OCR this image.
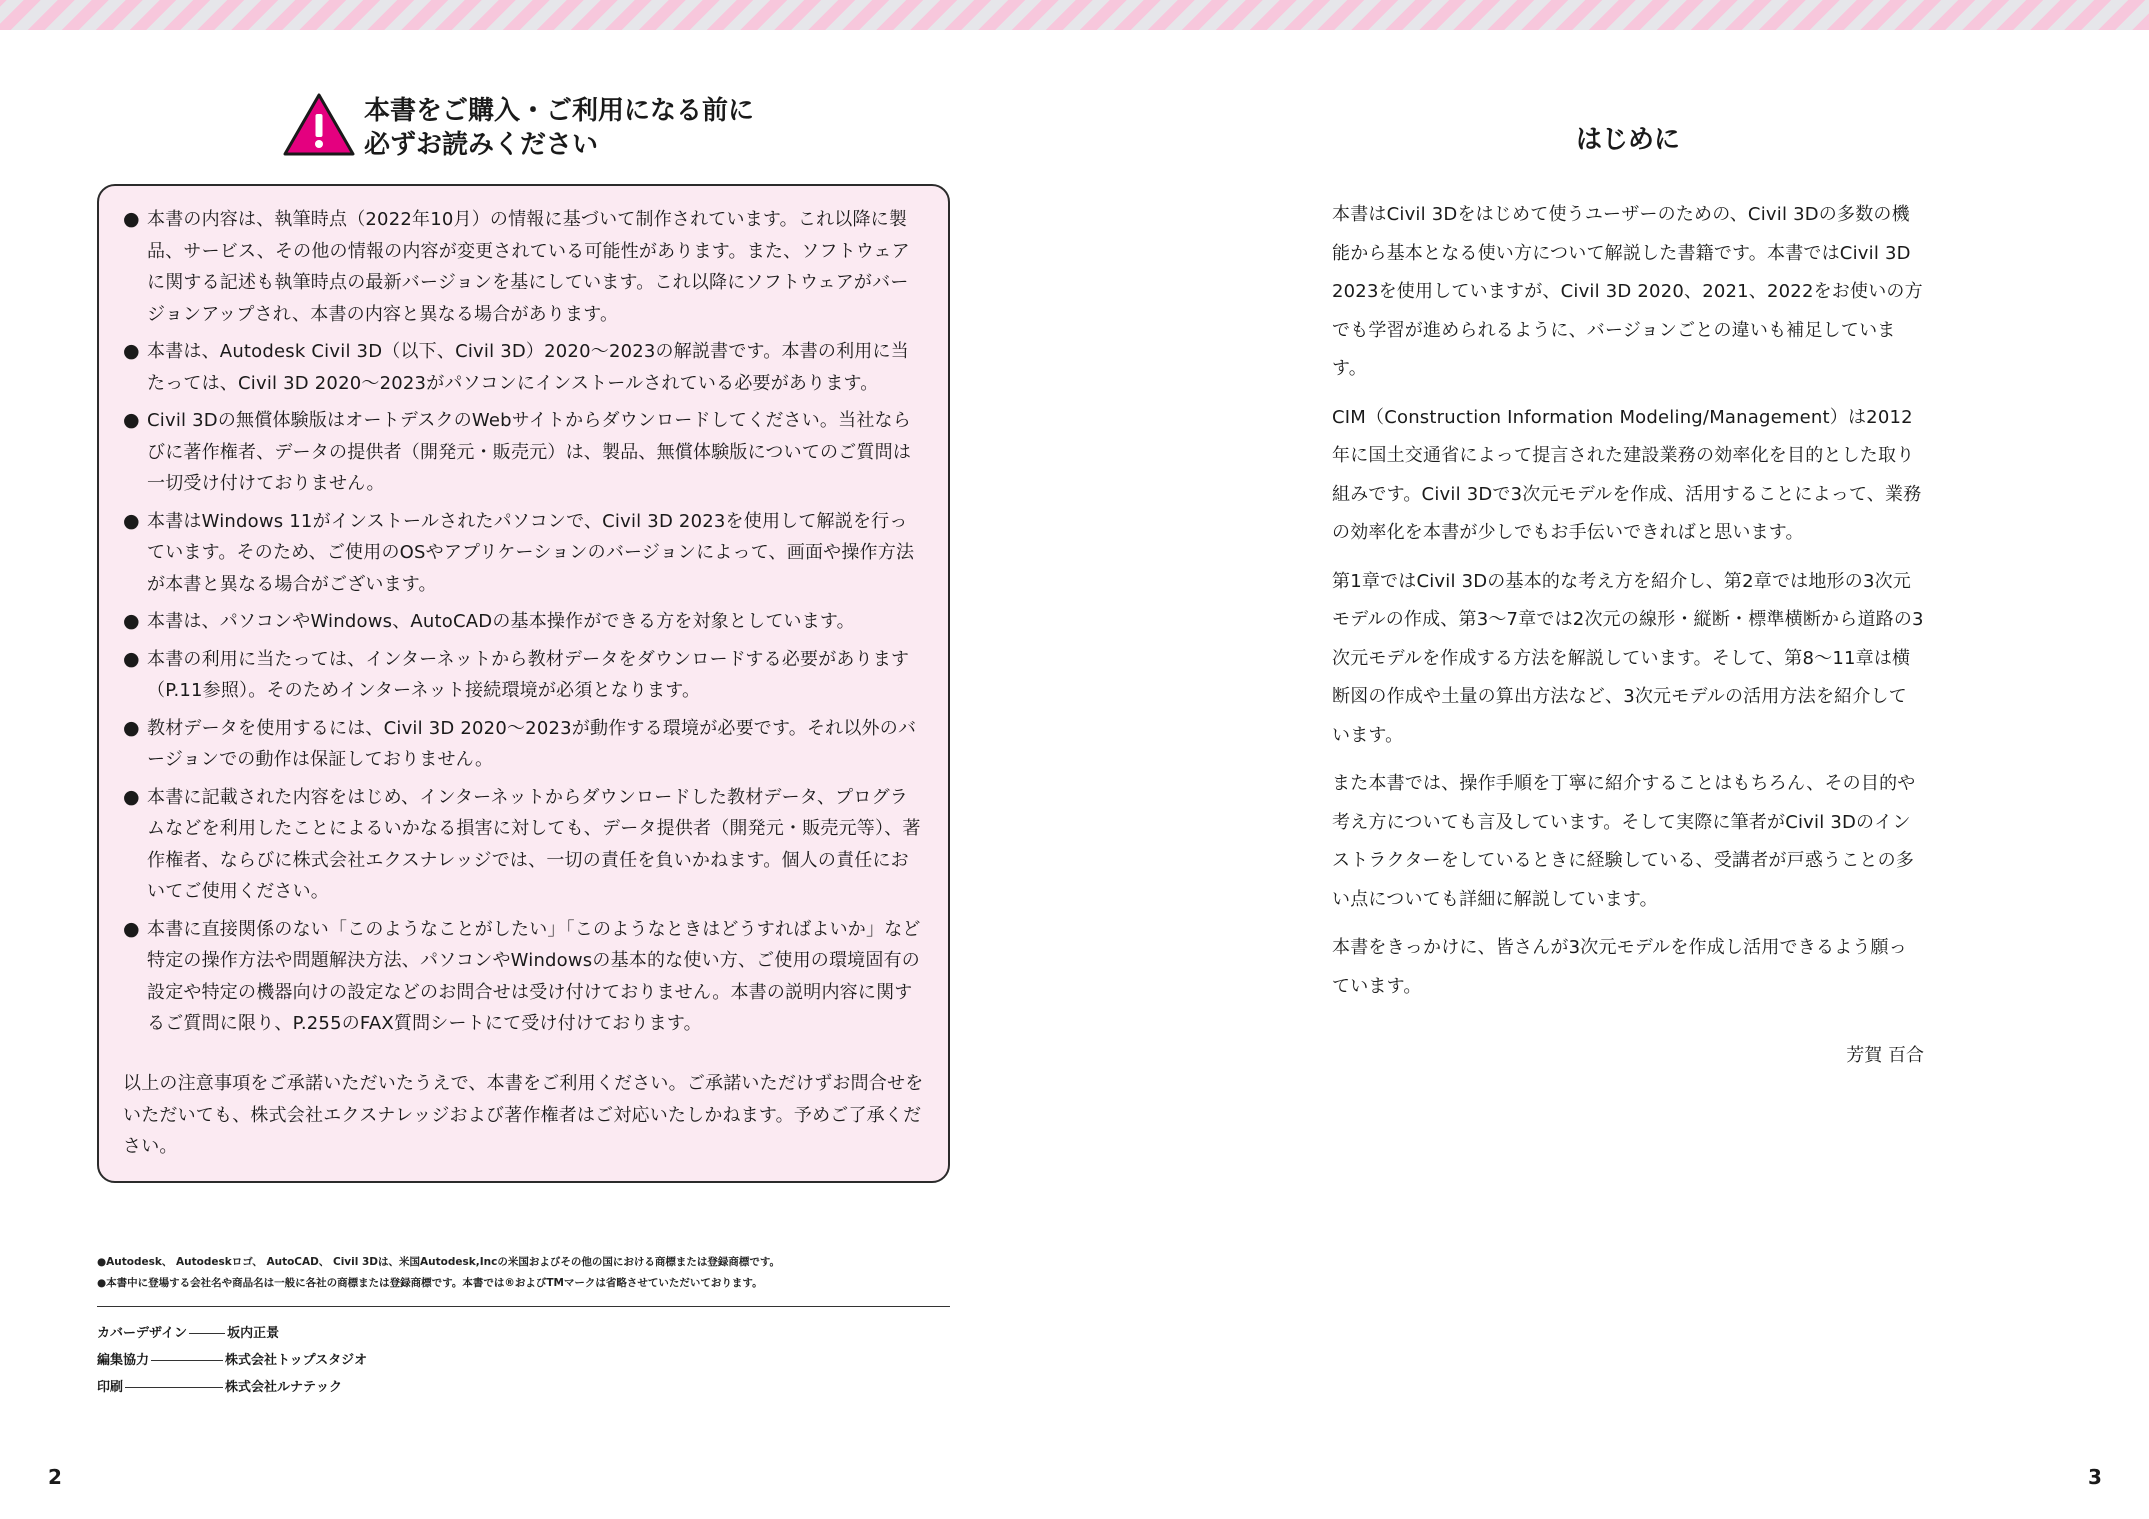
本書をご購入・ご利用になる前に
必ずお読みください
● 本書の内容は、執筆時点（2022年10月）の情報に基づいて制作されています。これ以降に製品、サービス、その他の情報の内容が変更されている可能性があります。また、ソフトウェアに関する記述も執筆時点の最新バージョンを基にしています。これ以降にソフトウェアがバージョンアップされ、本書の内容と異なる場合があります。
● 本書は、Autodesk Civil 3D（以下、Civil 3D）2020～2023の解説書です。本書の利用に当たっては、Civil 3D 2020～2023がパソコンにインストールされている必要があります。
● Civil 3Dの無償体験版はオートデスクのWebサイトからダウンロードしてください。当社ならびに著作権者、データの提供者（開発元・販売元）は、製品、無償体験版についてのご質問は一切受け付けておりません。
● 本書はWindows 11がインストールされたパソコンで、Civil 3D 2023を使用して解説を行っています。そのため、ご使用のOSやアプリケーションのバージョンによって、画面や操作方法が本書と異なる場合がございます。
● 本書は、パソコンやWindows、AutoCADの基本操作ができる方を対象としています。
● 本書の利用に当たっては、インターネットから教材データをダウンロードする必要があります（P.11参照）。そのためインターネット接続環境が必須となります。
● 教材データを使用するには、Civil 3D 2020～2023が動作する環境が必要です。それ以外のバージョンでの動作は保証しておりません。
● 本書に記載された内容をはじめ、インターネットからダウンロードした教材データ、プログラムなどを利用したことによるいかなる損害に対しても、データ提供者（開発元・販売元等）、著作権者、ならびに株式会社エクスナレッジでは、一切の責任を負いかねます。個人の責任においてご使用ください。
● 本書に直接関係のない「このようなことがしたい」「このようなときはどうすればよいか」など特定の操作方法や問題解決方法、パソコンやWindowsの基本的な使い方、ご使用の環境固有の設定や特定の機器向けの設定などのお問合せは受け付けておりません。本書の説明内容に関するご質問に限り、P.255のFAX質問シートにて受け付けております。
以上の注意事項をご承諾いただいたうえで、本書をご利用ください。ご承諾いただけずお問合せをいただいても、株式会社エクスナレッジおよび著作権者はご対応いたしかねます。予めご了承ください。
●Autodesk、 Autodeskロゴ、 AutoCAD、 Civil 3Dは、米国Autodesk,Incの米国およびその他の国における商標または登録商標です。
●本書中に登場する会社名や商品名は一般に各社の商標または登録商標です。本書では®およびTMマークは省略させていただいております。
カバーデザイン	坂内正景
編集協力	株式会社トップスタジオ
印刷	株式会社ルナテック
2
はじめに

本書はCivil 3Dをはじめて使うユーザーのための、Civil 3Dの多数の機能から基本となる使い方について解説した書籍です。本書ではCivil 3D 2023を使用していますが、Civil 3D 2020、2021、2022をお使いの方でも学習が進められるように、バージョンごとの違いも補足しています。

CIM（Construction Information Modeling/Management）は2012年に国土交通省によって提言された建設業務の効率化を目的とした取り組みです。Civil 3Dで3次元モデルを作成、活用することによって、業務の効率化を本書が少しでもお手伝いできればと思います。

第1章ではCivil 3Dの基本的な考え方を紹介し、第2章では地形の3次元モデルの作成、第3～7章では2次元の線形・縦断・標準横断から道路の3次元モデルを作成する方法を解説しています。そして、第8～11章は横断図の作成や土量の算出方法など、3次元モデルの活用方法を紹介しています。

また本書では、操作手順を丁寧に紹介することはもちろん、その目的や考え方についても言及しています。そして実際に筆者がCivil 3Dのインストラクターをしているときに経験している、受講者が戸惑うことの多い点についても詳細に解説しています。

本書をきっかけに、皆さんが3次元モデルを作成し活用できるよう願っています。

芳賀 百合
3
